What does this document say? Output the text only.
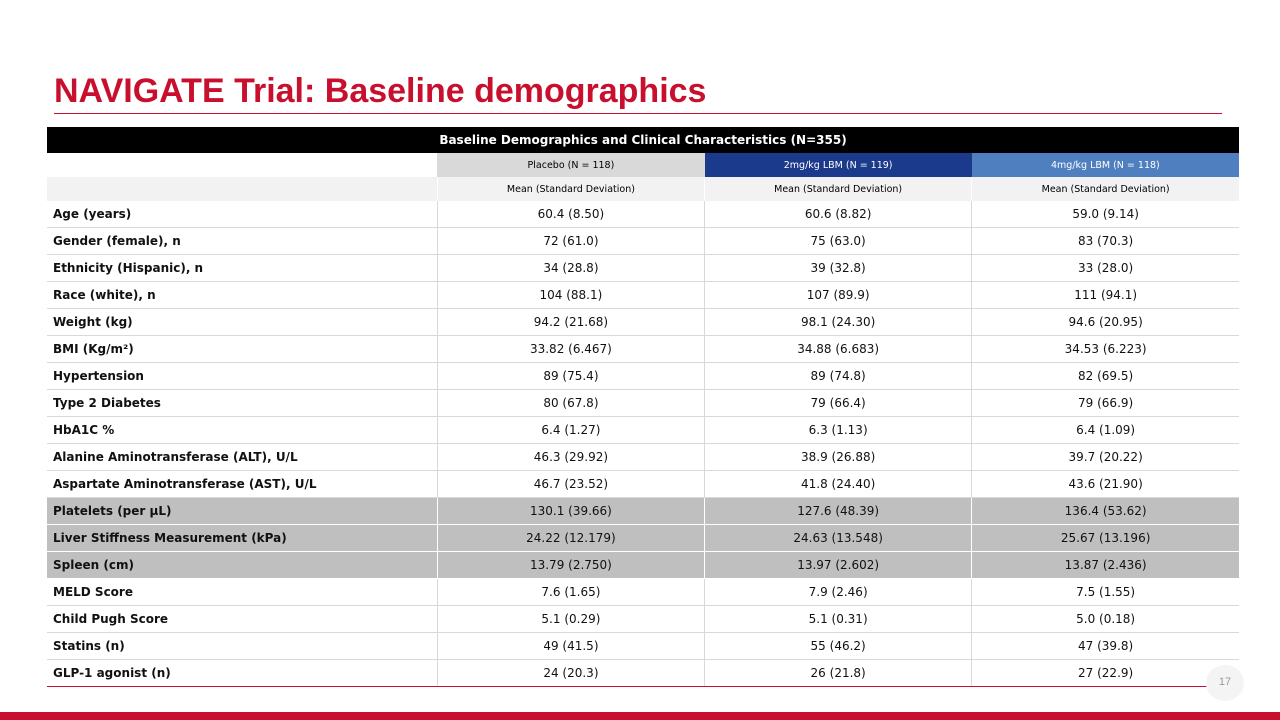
NAVIGATE Trial: Baseline demographics
Baseline Demographics and Clinical Characteristics (N=355)			
	Placebo (N = 118)	2mg/kg LBM (N = 119)	4mg/kg LBM (N = 118)
	Mean (Standard Deviation)	Mean (Standard Deviation)	Mean (Standard Deviation)
Age (years)	60.4 (8.50)	60.6 (8.82)	59.0 (9.14)
Gender (female), n	72 (61.0)	75 (63.0)	83 (70.3)
Ethnicity (Hispanic), n	34 (28.8)	39 (32.8)	33 (28.0)
Race (white), n	104 (88.1)	107 (89.9)	111 (94.1)
Weight (kg)	94.2 (21.68)	98.1 (24.30)	94.6 (20.95)
BMI (Kg/m²)	33.82 (6.467)	34.88 (6.683)	34.53 (6.223)
Hypertension	89 (75.4)	89 (74.8)	82 (69.5)
Type 2 Diabetes	80 (67.8)	79 (66.4)	79 (66.9)
HbA1C %	6.4 (1.27)	6.3 (1.13)	6.4 (1.09)
Alanine Aminotransferase (ALT), U/L	46.3 (29.92)	38.9 (26.88)	39.7 (20.22)
Aspartate Aminotransferase (AST), U/L	46.7 (23.52)	41.8 (24.40)	43.6 (21.90)
Platelets (per µL)	130.1 (39.66)	127.6 (48.39)	136.4 (53.62)
Liver Stiffness Measurement (kPa)	24.22 (12.179)	24.63 (13.548)	25.67 (13.196)
Spleen (cm)	13.79 (2.750)	13.97 (2.602)	13.87 (2.436)
MELD Score	7.6 (1.65)	7.9 (2.46)	7.5 (1.55)
Child Pugh Score	5.1 (0.29)	5.1 (0.31)	5.0 (0.18)
Statins (n)	49 (41.5)	55 (46.2)	47 (39.8)
GLP-1 agonist (n)	24 (20.3)	26 (21.8)	27 (22.9)
17
